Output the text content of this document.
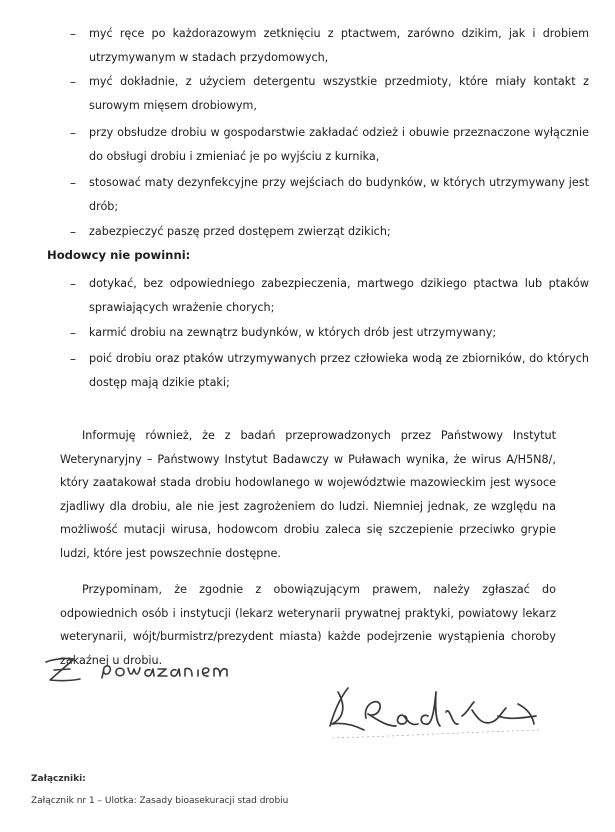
– myć ręce po każdorazowym zetknięciu z ptactwem, zarówno dzikim, jak i drobiem utrzymywanym w stadach przydomowych,
– myć dokładnie, z użyciem detergentu wszystkie przedmioty, które miały kontakt z surowym mięsem drobiowym,
– przy obsłudze drobiu w gospodarstwie zakładać odzież i obuwie przeznaczone wyłącznie do obsługi drobiu i zmieniać je po wyjściu z kurnika,
– stosować maty dezynfekcyjne przy wejściach do budynków, w których utrzymywany jest drób;
– zabezpieczyć paszę przed dostępem zwierząt dzikich;
Hodowcy nie powinni:
– dotykać, bez odpowiedniego zabezpieczenia, martwego dzikiego ptactwa lub ptaków sprawiających wrażenie chorych;
– karmić drobiu na zewnątrz budynków, w których drób jest utrzymywany;
– poić drobiu oraz ptaków utrzymywanych przez człowieka wodą ze zbiorników, do których dostęp mają dzikie ptaki;
Informuję również, że z badań przeprowadzonych przez Państwowy Instytut Weterynaryjny – Państwowy Instytut Badawczy w Puławach wynika, że wirus A/H5N8/, który zaatakował stada drobiu hodowlanego w województwie mazowieckim jest wysoce zjadliwy dla drobiu, ale nie jest zagrożeniem do ludzi. Niemniej jednak, ze względu na możliwość mutacji wirusa, hodowcom drobiu zaleca się szczepienie przeciwko grypie ludzi, które jest powszechnie dostępne.
Przypominam, że zgodnie z obowiązującym prawem, należy zgłaszać do odpowiednich osób i instytucji (lekarz weterynarii prywatnej praktyki, powiatowy lekarz weterynarii, wójt/burmistrz/prezydent miasta) każde podejrzenie wystąpienia choroby zakaźnej u drobiu.
Załączniki:
Załącznik nr 1 – Ulotka: Zasady bioasekuracji stad drobiu
